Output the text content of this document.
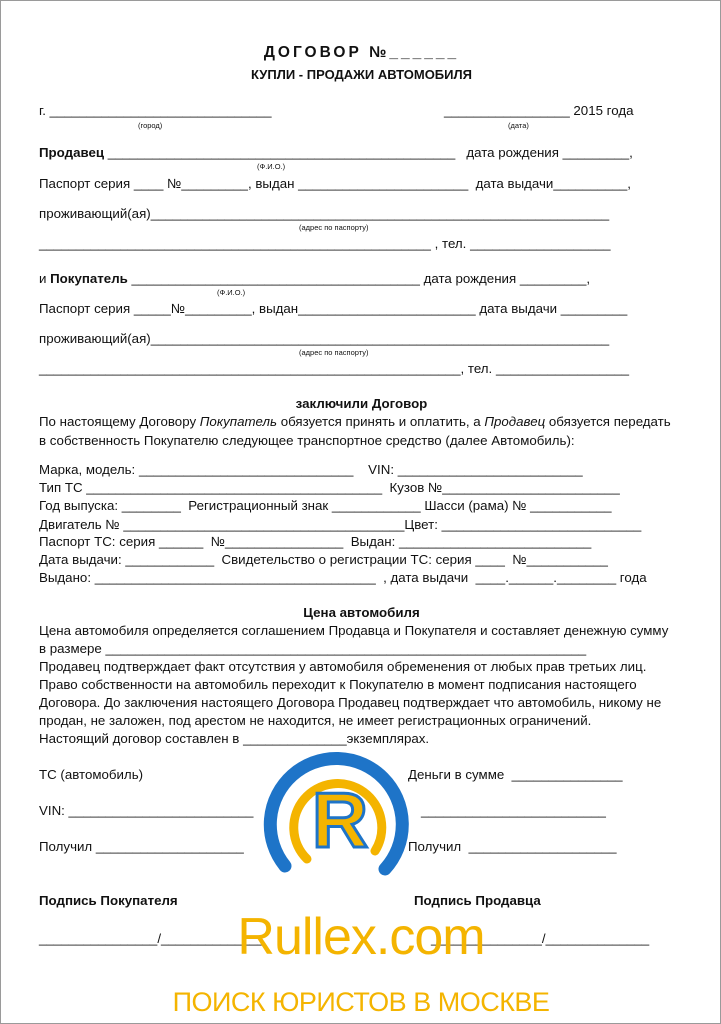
ДОГОВОР №______
КУПЛИ - ПРОДАЖИ АВТОМОБИЛЯ
г. ______________________________
(город)
_________________ 2015 года
(дата)
Продавец _______________________________________________   дата рождения _________,
(Ф.И.О.)
Паспорт серия ____ №_________, выдан _______________________  дата выдачи__________,
проживающий(ая)______________________________________________________________
(адрес по паспорту)
_____________________________________________________ , тел. ___________________
и Покупатель _______________________________________ дата рождения _________,
(Ф.И.О.)
Паспорт серия _____№_________, выдан________________________ дата выдачи _________
проживающий(ая)______________________________________________________________
(адрес по паспорту)
_________________________________________________________, тел. __________________
заключили Договор
По настоящему Договору Покупатель обязуется принять и оплатить, а Продавец обязуется передать
в собственность Покупателю следующее транспортное средство (далее Автомобиль):
Марка, модель: _____________________________    VIN: _________________________
Тип ТС ________________________________________  Кузов №________________________
Год выпуска: ________  Регистрационный знак ____________ Шасси (рама) № ___________
Двигатель № ______________________________________Цвет: ___________________________
Паспорт ТС: серия ______  №________________  Выдан: __________________________
Дата выдачи: ____________  Свидетельство о регистрации ТС: серия ____  №___________
Выдано: ______________________________________  , дата выдачи  ____.______.________ года
Цена автомобиля
Цена автомобиля определяется соглашением Продавца и Покупателя и составляет денежную сумму
в размере _________________________________________________________________
Продавец подтверждает факт отсутствия у автомобиля обременения от любых прав третьих лиц.
Право собственности на автомобиль переходит к Покупателю в момент подписания настоящего
Договора. До заключения настоящего Договора Продавец подтверждает что автомобиль, никому не
продан, не заложен, под арестом не находится, не имеет регистрационных ограничений.
Настоящий договор составлен в ______________экземплярах.
ТС (автомобиль)	Деньги в сумме  _______________
VIN: _________________________	_________________________
Получил ____________________	Получил  ____________________
Подпись Покупателя	Подпись Продавца
________________/______________	_______________/______________
R
Rullex.com
ПОИСК ЮРИСТОВ В МОСКВЕ
